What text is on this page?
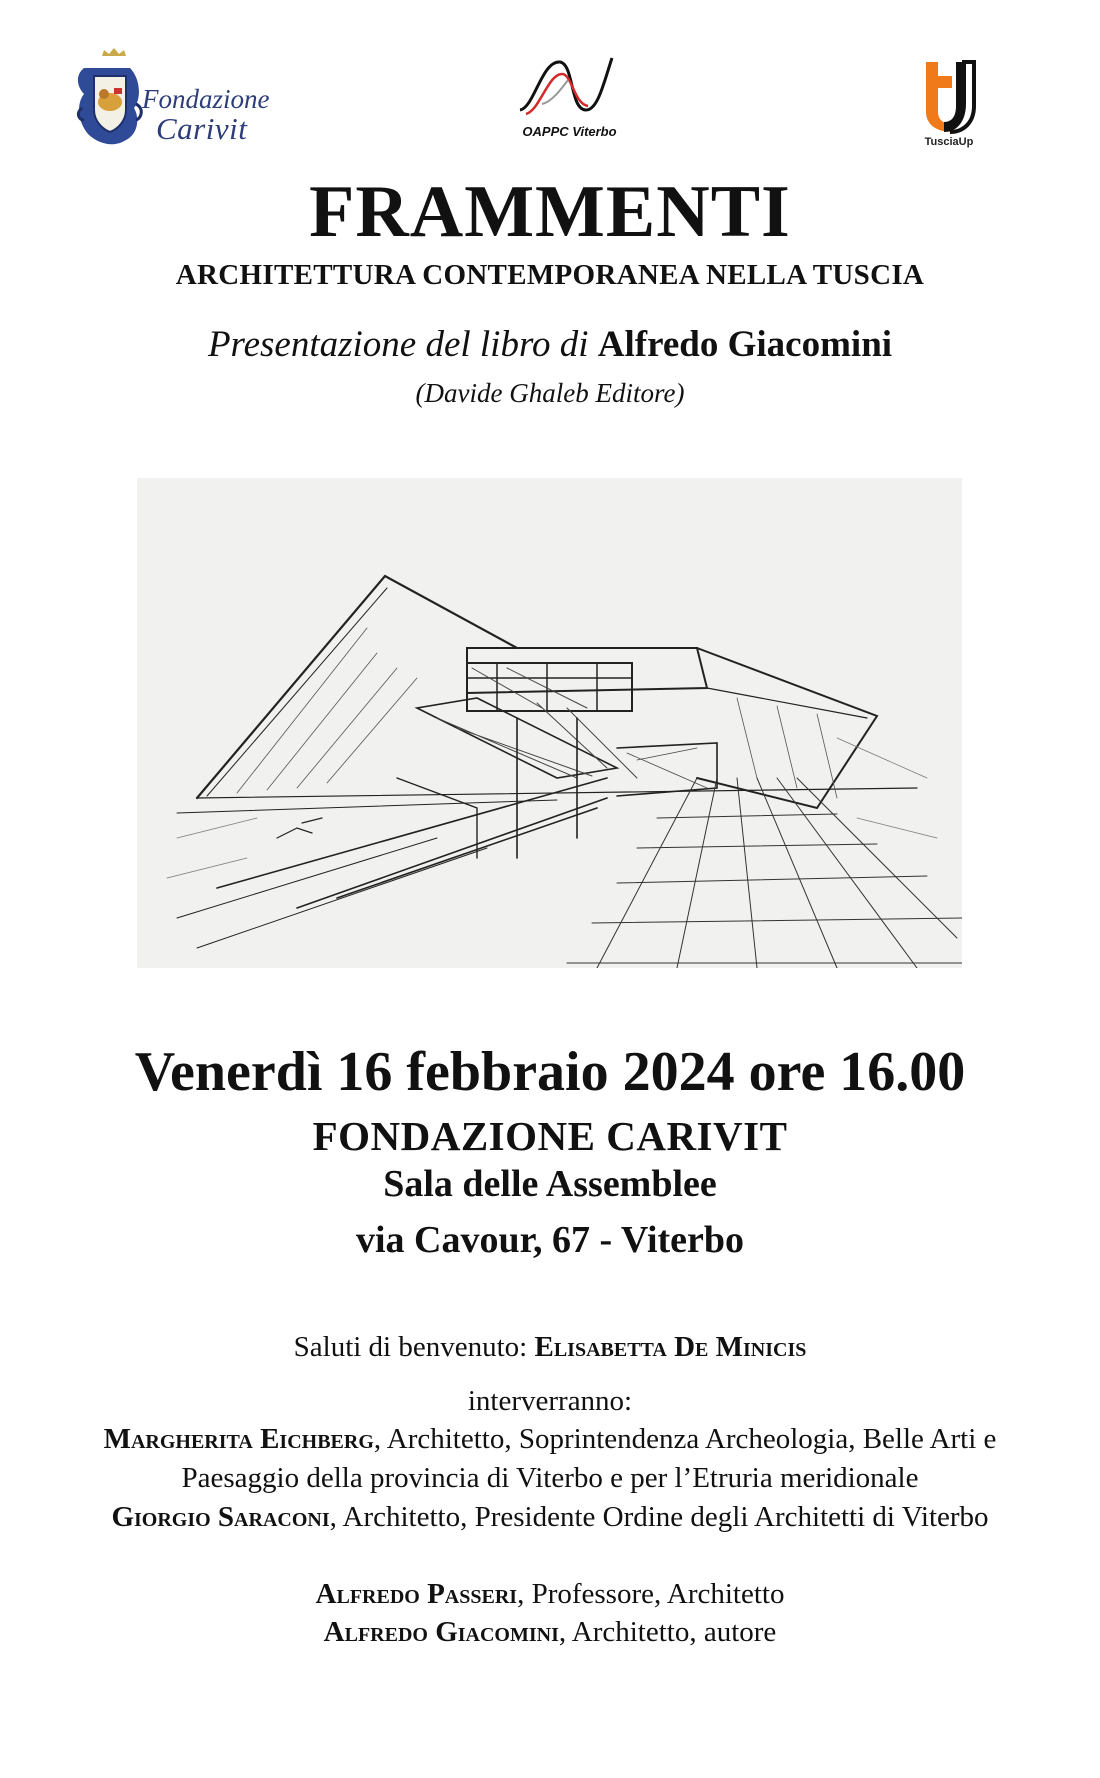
Fondazione
Carivit	OAPPC Viterbo
TusciaUp
FRAMMENTI
ARCHITETTURA CONTEMPORANEA NELLA TUSCIA
Presentazione del libro di Alfredo Giacomini
(Davide Ghaleb Editore)
Venerdì 16 febbraio 2024 ore 16.00
FONDAZIONE CARIVIT
Sala delle Assemblee
via Cavour, 67 - Viterbo
Saluti di benvenuto: Elisabetta De Minicis
interverranno:
Margherita Eichberg, Architetto, Soprintendenza Archeologia, Belle Arti e Paesaggio della provincia di Viterbo e per l’Etruria meridionale
Giorgio Saraconi, Architetto, Presidente Ordine degli Architetti di Viterbo
Alfredo Passeri, Professore, Architetto
Alfredo Giacomini, Architetto, autore
